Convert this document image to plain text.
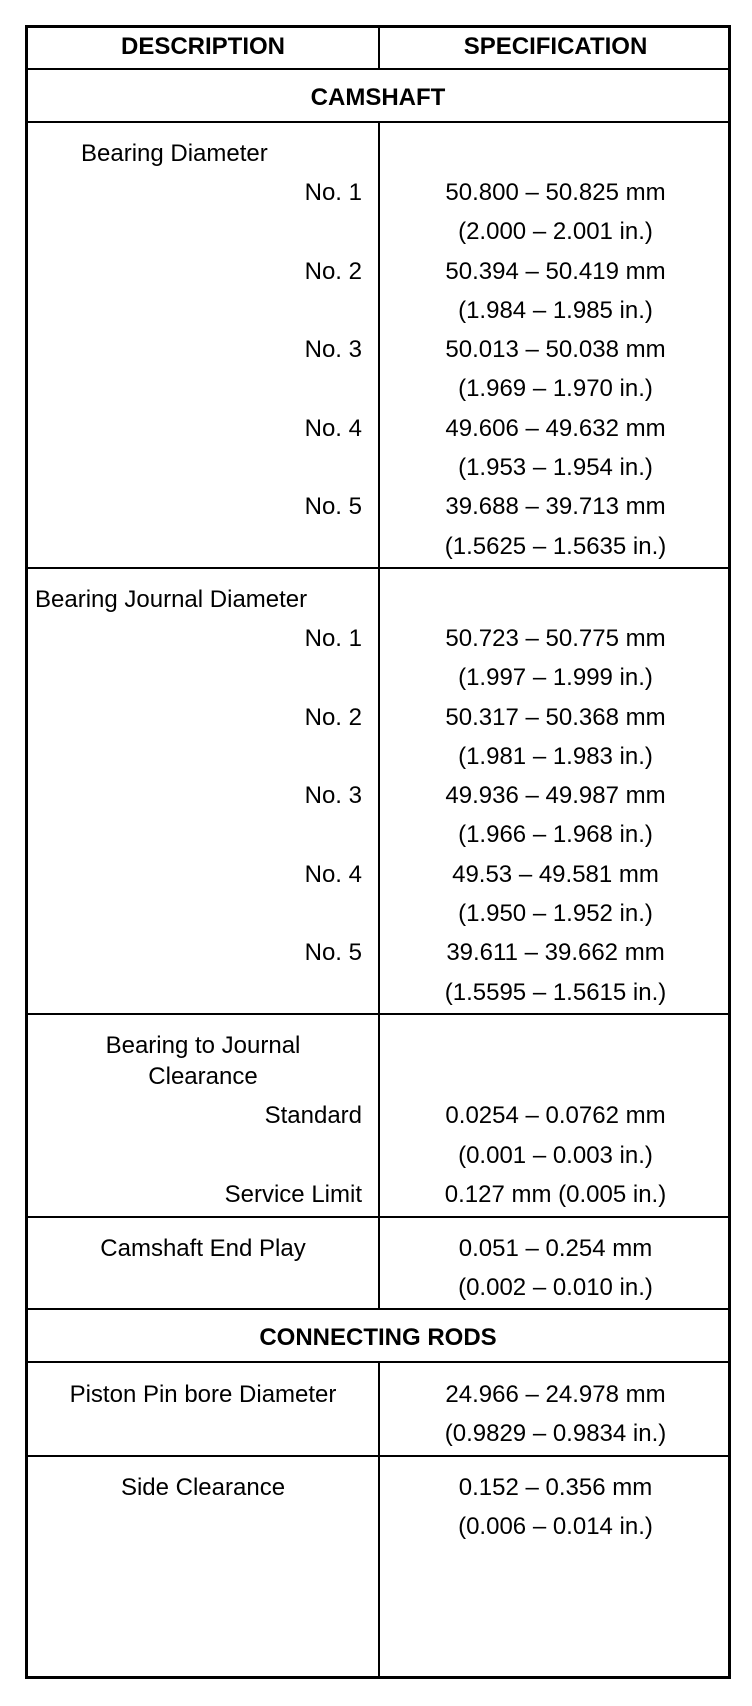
DESCRIPTION	SPECIFICATION
CAMSHAFT
Bearing Diameter
No. 1	50.800 – 50.825 mm
(2.000 – 2.001 in.)
No. 2	50.394 – 50.419 mm
(1.984 – 1.985 in.)
No. 3	50.013 – 50.038 mm
(1.969 – 1.970 in.)
No. 4	49.606 – 49.632 mm
(1.953 – 1.954 in.)
No. 5	39.688 – 39.713 mm
(1.5625 – 1.5635 in.)
Bearing Journal Diameter
No. 1	50.723 – 50.775 mm
(1.997 – 1.999 in.)
No. 2	50.317 – 50.368 mm
(1.981 – 1.983 in.)
No. 3	49.936 – 49.987 mm
(1.966 – 1.968 in.)
No. 4	49.53 – 49.581 mm
(1.950 – 1.952 in.)
No. 5	39.611 – 39.662 mm
(1.5595 – 1.5615 in.)
Bearing to Journal
Clearance
Standard	0.0254 – 0.0762 mm
(0.001 – 0.003 in.)
Service Limit	0.127 mm (0.005 in.)
Camshaft End Play	0.051 – 0.254 mm
(0.002 – 0.010 in.)
CONNECTING RODS
Piston Pin bore Diameter	24.966 – 24.978 mm
(0.9829 – 0.9834 in.)
Side Clearance	0.152 – 0.356 mm
(0.006 – 0.014 in.)
